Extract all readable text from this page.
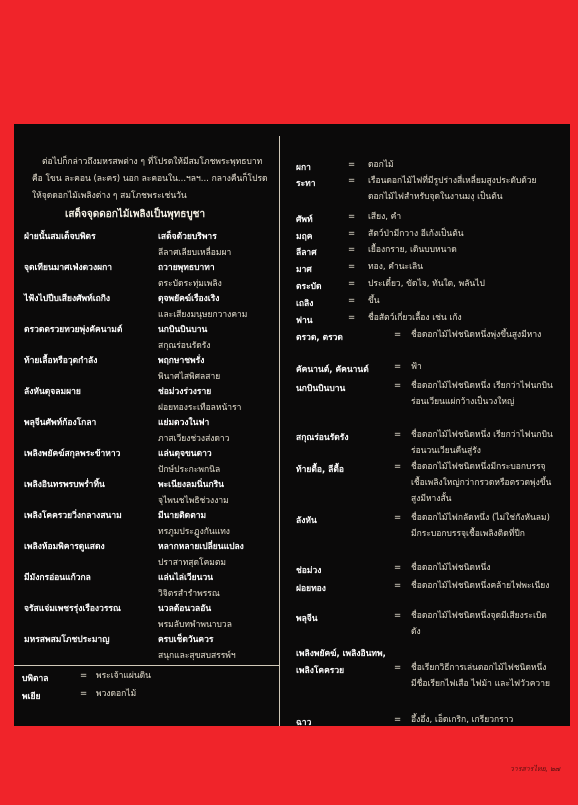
ต่อไปก็กล่าวถึงมหรสพต่าง ๆ ที่โปรดให้มีสมโภชพระพุทธบาท คือ โขน ละคอน (ละคร) นอก ละคอนใน...ฯลฯ... กลางคืนก็โปรดให้จุดดอกไม้เพลิงต่าง ๆ สมโภชพระเช่นวัน
เสด็จจุดดอกไม้เพลิงเป็นพุทธบูชา
ฝ่ายนั้นสมเด็จบพิตร	เสด็จด้วยบริพาร
ลีลาศเลียบเหลื่อมผา
จุดเทียนมาศเฟ่งดวงผกา	ถวายพุทธบาทา
ตระบัดระทุ่มเพลิง
ไฟ้งไปปีบเสียงศัพท์เถกิง	ดุจพยัคฆ์เรืองเริง
และเสียงมนุษยกวางคาม
ตรวดตรวยทวยพุ่งคัคนามต์	นกบินบินบาน
สกุณร่อนรัดรัง
ท้ายเลื้อหรือวุดกำลัง	พฤกษาชพรั่ง
พินาศไสพิศลสาย
ลังหันดุจลมผาย	ช่อม่วงร่วงราย
ฝอยทองระเทือลหน้ารา
พลุจีนศัพท์ก้องโกลา	แย่มดวงในฟา
ภาสเวียงช่วงส่งดาว
เพลิงพยัคฆ์สกุลพระข้าหาว	แล่นดุจขนดาว
ปักษ์ประกะพกนิล
เพลิงอินทรพรบพร่ำทิ้น	พะเนียงลมนิ่นกริน
จุไพนชไพธิช่วงงาม
เพลิงโคครวยวิ่งกลางสนาม	มีนายติดตาม
ทรภูมประฏูงกันแทง
เพลิงห้อมพิคารดูแสดง	หลากหลายเปลี่ยนแปลง
ปราสาทสุดโคมตม
มีมังกรอ่อนแก้วกล	แล่นไล่เวียนวน
วิจิตรสำรำพรรณ
จรัสแจ่มเพชรรุ่งเรืองวรรณ	นวลต้อนวลอัน
พรมลับทพำพนาบวล
มหรสพสมโภชประมาญ	ครบเช็ดวันควร
สนุกและสุขสบสรรพ์ฯ
บพิตาล	= พระเจ้าแผ่นดิน
พเยีย	= พวงดอกไม้
ผกา	= ดอกไม้
ระทา	= เรือนดอกไม้ไฟที่มีรูปร่างสี่เหลี่ยมสูงประดับด้วยดอกไม้ไฟสำหรับจุดในงานมงุ เป็นต้น
ศัพท์	= เสียง, คำ
มฤค	= สัตว์ป่ามีกวาง อีเก้งเป็นต้น
ลีลาศ	= เยื้องกราย, เดินบบหนาด
มาศ	= ทอง, คำนะเลิน
ตระบัด	= ประเดี๋ยว, ขัดไจ, ทันใด, พลันไป
เถลิง	= ขึ้น
ฟาน	= ชื่อสัตว์เกี่ยวเลื้อง เช่น เก้ง
ตรวด, ตรวด	= ชื่อดอกไม้ไฟชนิดหนึ่งพุ่งขึ้นสูงมีหาง
คัคนานต์, คัคนานต์	= ฟ้า
นกบินบินบาน	= ชื่อดอกไม้ไฟชนิดหนึ่ง เรียกว่าไฟนกบินร่อนเวียนแผ่กว้างเป็นวงใหญ่
สกุณร่อนรัดรัง	= ชื่อดอกไม้ไฟชนิดหนึ่ง เรียกว่าไฟนกบินร่อนวนเวียนคืนสู่รัง
ท้ายตื้อ, ลีตื้อ	= ชื่อดอกไม้ไฟชนิดหนึ่งมีกระบอกบรรจุเชื้อเพลิงใหญ่กว่ากรวดหรือตรวดพุ่งขึ้นสูงมีหางสั้น
ลังหัน	= ชื่อดอกไม้ไฟกลัดหนึ่ง (ไม่ใช่กังหันลม) มีกระบอกบรรจุเชื้อเพลิงติดที่ปีก
ช่อม่วง	= ชื่อดอกไม้ไฟชนิดหนึ่ง
ฝอยทอง	= ชื่อดอกไม้ไฟชนิดหนึ่งคล้ายไฟพะเนียง
พลุจีน	= ชื่อดอกไม้ไฟชนิดหนึ่งจุดมีเสียงระเบิดดัง
เพลิงพยัคฆ์, เพลิงอินทพ,
เพลิงโคครวย	= ชื่อเรียกวิธีการเล่นดอกไม้ไฟชนิดหนึ่งมีชื่อเรียกไฟเสือ ไฟม้า และไฟวัวควาย
ฉาว	= อึ้งอึ่ง, เอ็ดเกริก, เกรียวกราว
วารสารไทย, ๒๗
